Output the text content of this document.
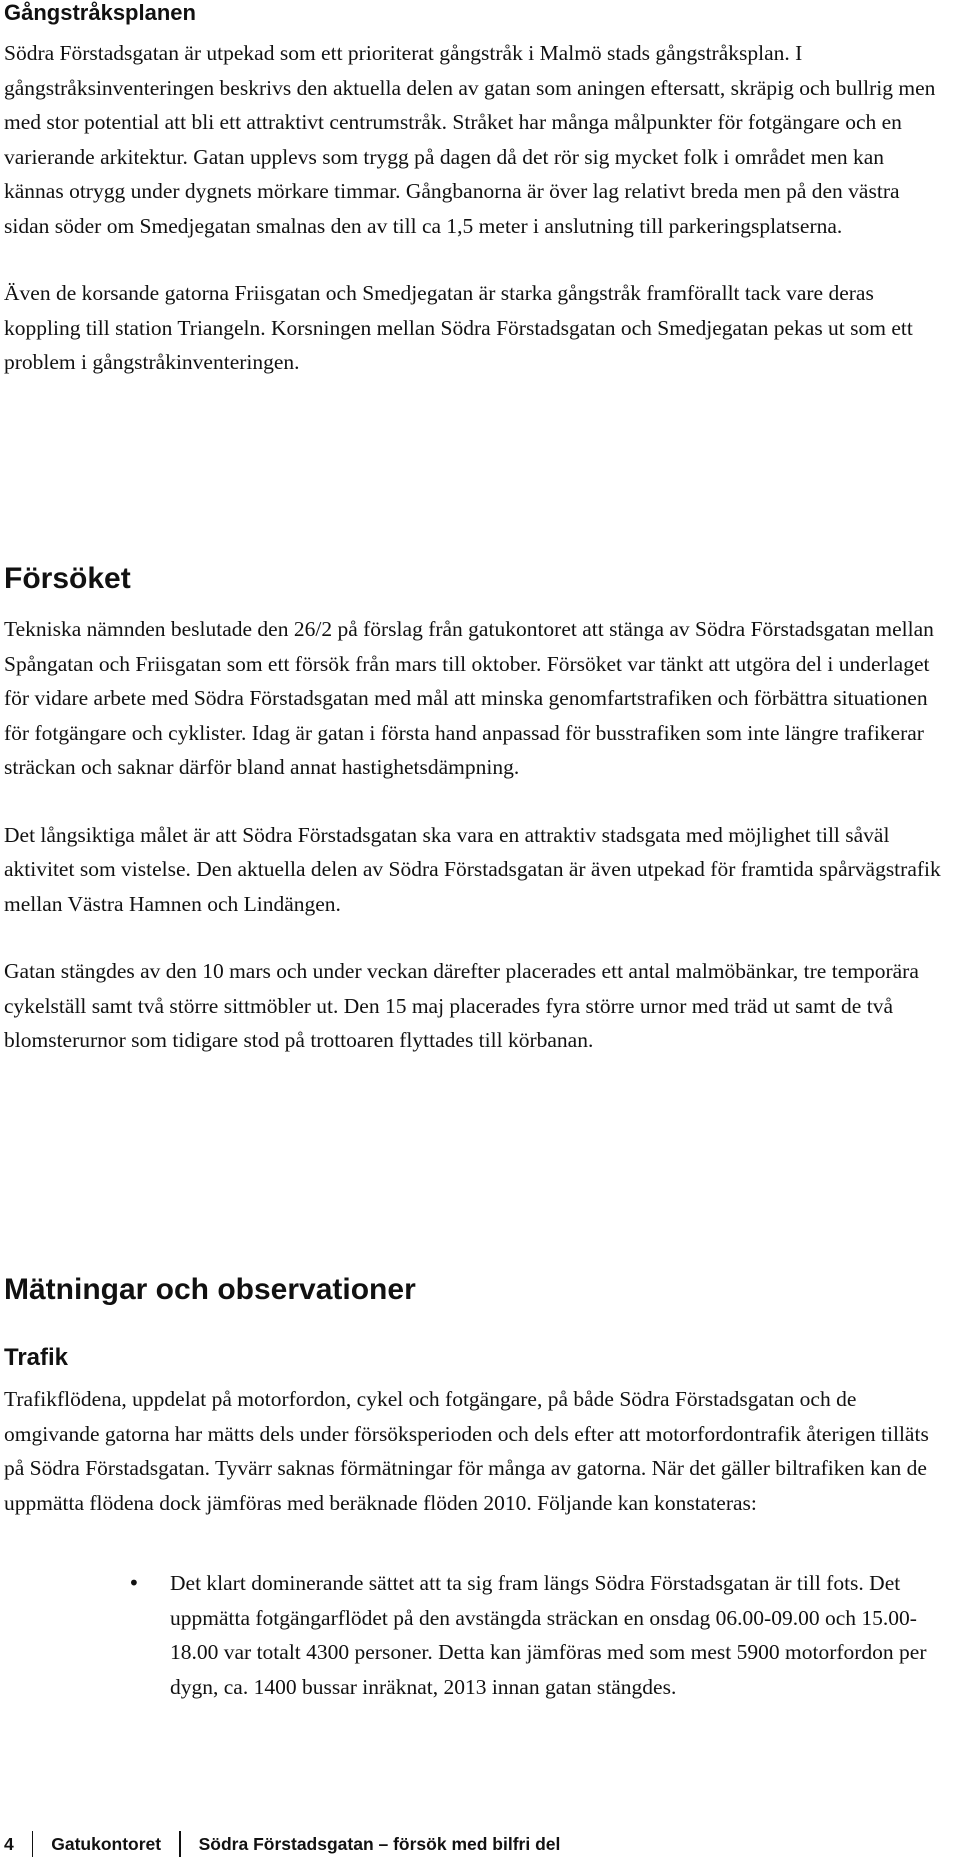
Gångstråksplanen

Södra Förstadsgatan är utpekad som ett prioriterat gångstråk i Malmö stads gångstråksplan. I gångstråksinventeringen beskrivs den aktuella delen av gatan som aningen eftersatt, skräpig och bullrig men med stor potential att bli ett attraktivt centrumstråk. Stråket har många målpunkter för fotgängare och en varierande arkitektur. Gatan upplevs som trygg på dagen då det rör sig mycket folk i området men kan kännas otrygg under dygnets mörkare timmar. Gångbanorna är över lag relativt breda men på den västra sidan söder om Smedjegatan smalnas den av till ca 1,5 meter i anslutning till parkeringsplatserna.

Även de korsande gatorna Friisgatan och Smedjegatan är starka gångstråk framförallt tack vare deras koppling till station Triangeln. Korsningen mellan Södra Förstadsgatan och Smedjegatan pekas ut som ett problem i gångstråkinventeringen.

Försöket

Tekniska nämnden beslutade den 26/2 på förslag från gatukontoret att stänga av Södra Förstadsgatan mellan Spångatan och Friisgatan som ett försök från mars till oktober. Försöket var tänkt att utgöra del i underlaget för vidare arbete med Södra Förstadsgatan med mål att minska genomfartstrafiken och förbättra situationen för fotgängare och cyklister. Idag är gatan i första hand anpassad för busstrafiken som inte längre trafikerar sträckan och saknar därför bland annat hastighetsdämpning.

Det långsiktiga målet är att Södra Förstadsgatan ska vara en attraktiv stadsgata med möjlighet till såväl aktivitet som vistelse. Den aktuella delen av Södra Förstadsgatan är även utpekad för framtida spårvägstrafik mellan Västra Hamnen och Lindängen.

Gatan stängdes av den 10 mars och under veckan därefter placerades ett antal malmöbänkar, tre temporära cykelställ samt två större sittmöbler ut. Den 15 maj placerades fyra större urnor med träd ut samt de två blomsterurnor som tidigare stod på trottoaren flyttades till körbanan.

Mätningar och observationer
Trafik

Trafikflödena, uppdelat på motorfordon, cykel och fotgängare, på både Södra Förstadsgatan och de omgivande gatorna har mätts dels under försöksperioden och dels efter att motorfordontrafik återigen tilläts på Södra Förstadsgatan. Tyvärr saknas förmätningar för många av gatorna. När det gäller biltrafiken kan de uppmätta flödena dock jämföras med beräknade flöden 2010. Följande kan konstateras:

• Det klart dominerande sättet att ta sig fram längs Södra Förstadsgatan är till fots. Det uppmätta fotgängarflödet på den avstängda sträckan en onsdag 06.00-09.00 och 15.00-18.00 var totalt 4300 personer. Detta kan jämföras med som mest 5900 motorfordon per dygn, ca. 1400 bussar inräknat, 2013 innan gatan stängdes.

4 Gatukontoret Södra Förstadsgatan – försök med bilfri del
